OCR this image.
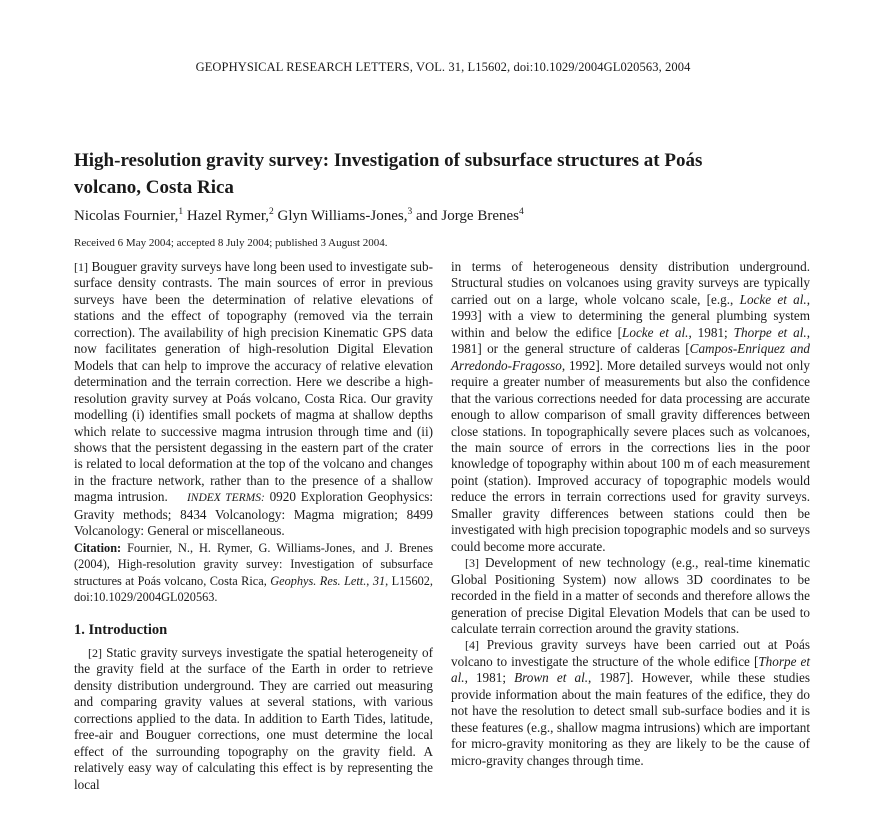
GEOPHYSICAL RESEARCH LETTERS, VOL. 31, L15602, doi:10.1029/2004GL020563, 2004
High-resolution gravity survey: Investigation of subsurface structures at Poás volcano, Costa Rica
Nicolas Fournier,$^1$ Hazel Rymer,$^2$ Glyn Williams-Jones,$^3$ and Jorge Brenes$^4$
Received 6 May 2004; accepted 8 July 2004; published 3 August 2004.

[1] Bouguer gravity surveys have long been used to investigate sub-surface density contrasts. The main sources of error in previous surveys have been the determination of relative elevations of stations and the effect of topography (removed via the terrain correction). The availability of high precision Kinematic GPS data now facilitates generation of high-resolution Digital Elevation Models that can help to improve the accuracy of relative elevation determination and the terrain correction. Here we describe a high-resolution gravity survey at Poás volcano, Costa Rica. Our gravity modelling (i) identifies small pockets of magma at shallow depths which relate to successive magma intrusion through time and (ii) shows that the persistent degassing in the eastern part of the crater is related to local deformation at the top of the volcano and changes in the fracture network, rather than to the presence of a shallow magma intrusion. INDEX TERMS: 0920 Exploration Geophysics: Gravity methods; 8434 Volcanology: Magma migration; 8499 Volcanology: General or miscellaneous.

Citation: Fournier, N., H. Rymer, G. Williams-Jones, and J. Brenes (2004), High-resolution gravity survey: Investigation of subsurface structures at Poás volcano, Costa Rica, Geophys. Res. Lett., 31, L15602, doi:10.1029/2004GL020563.

1. Introduction

[2] Static gravity surveys investigate the spatial heterogeneity of the gravity field at the surface of the Earth in order to retrieve density distribution underground. They are carried out measuring and comparing gravity values at several stations, with various corrections applied to the data. In addition to Earth Tides, latitude, free-air and Bouguer corrections, one must determine the local effect of the surrounding topography on the gravity field. A relatively easy way of calculating this effect is by representing the local

in terms of heterogeneous density distribution underground. Structural studies on volcanoes using gravity surveys are typically carried out on a large, whole volcano scale, [e.g., Locke et al., 1993] with a view to determining the general plumbing system within and below the edifice [Locke et al., 1981; Thorpe et al., 1981] or the general structure of calderas [Campos-Enriquez and Arredondo-Fragosso, 1992]. More detailed surveys would not only require a greater number of measurements but also the confidence that the various corrections needed for data processing are accurate enough to allow comparison of small gravity differences between close stations. In topographically severe places such as volcanoes, the main source of errors in the corrections lies in the poor knowledge of topography within about 100 m of each measurement point (station). Improved accuracy of topographic models would reduce the errors in terrain corrections used for gravity surveys. Smaller gravity differences between stations could then be investigated with high precision topographic models and so surveys could become more accurate.

[3] Development of new technology (e.g., real-time kinematic Global Positioning System) now allows 3D coordinates to be recorded in the field in a matter of seconds and therefore allows the generation of precise Digital Elevation Models that can be used to calculate terrain correction around the gravity stations.

[4] Previous gravity surveys have been carried out at Poás volcano to investigate the structure of the whole edifice [Thorpe et al., 1981; Brown et al., 1987]. However, while these studies provide information about the main features of the edifice, they do not have the resolution to detect small sub-surface bodies and it is these features (e.g., shallow magma intrusions) which are important for micro-gravity monitoring as they are likely to be the cause of micro-gravity changes through time.
